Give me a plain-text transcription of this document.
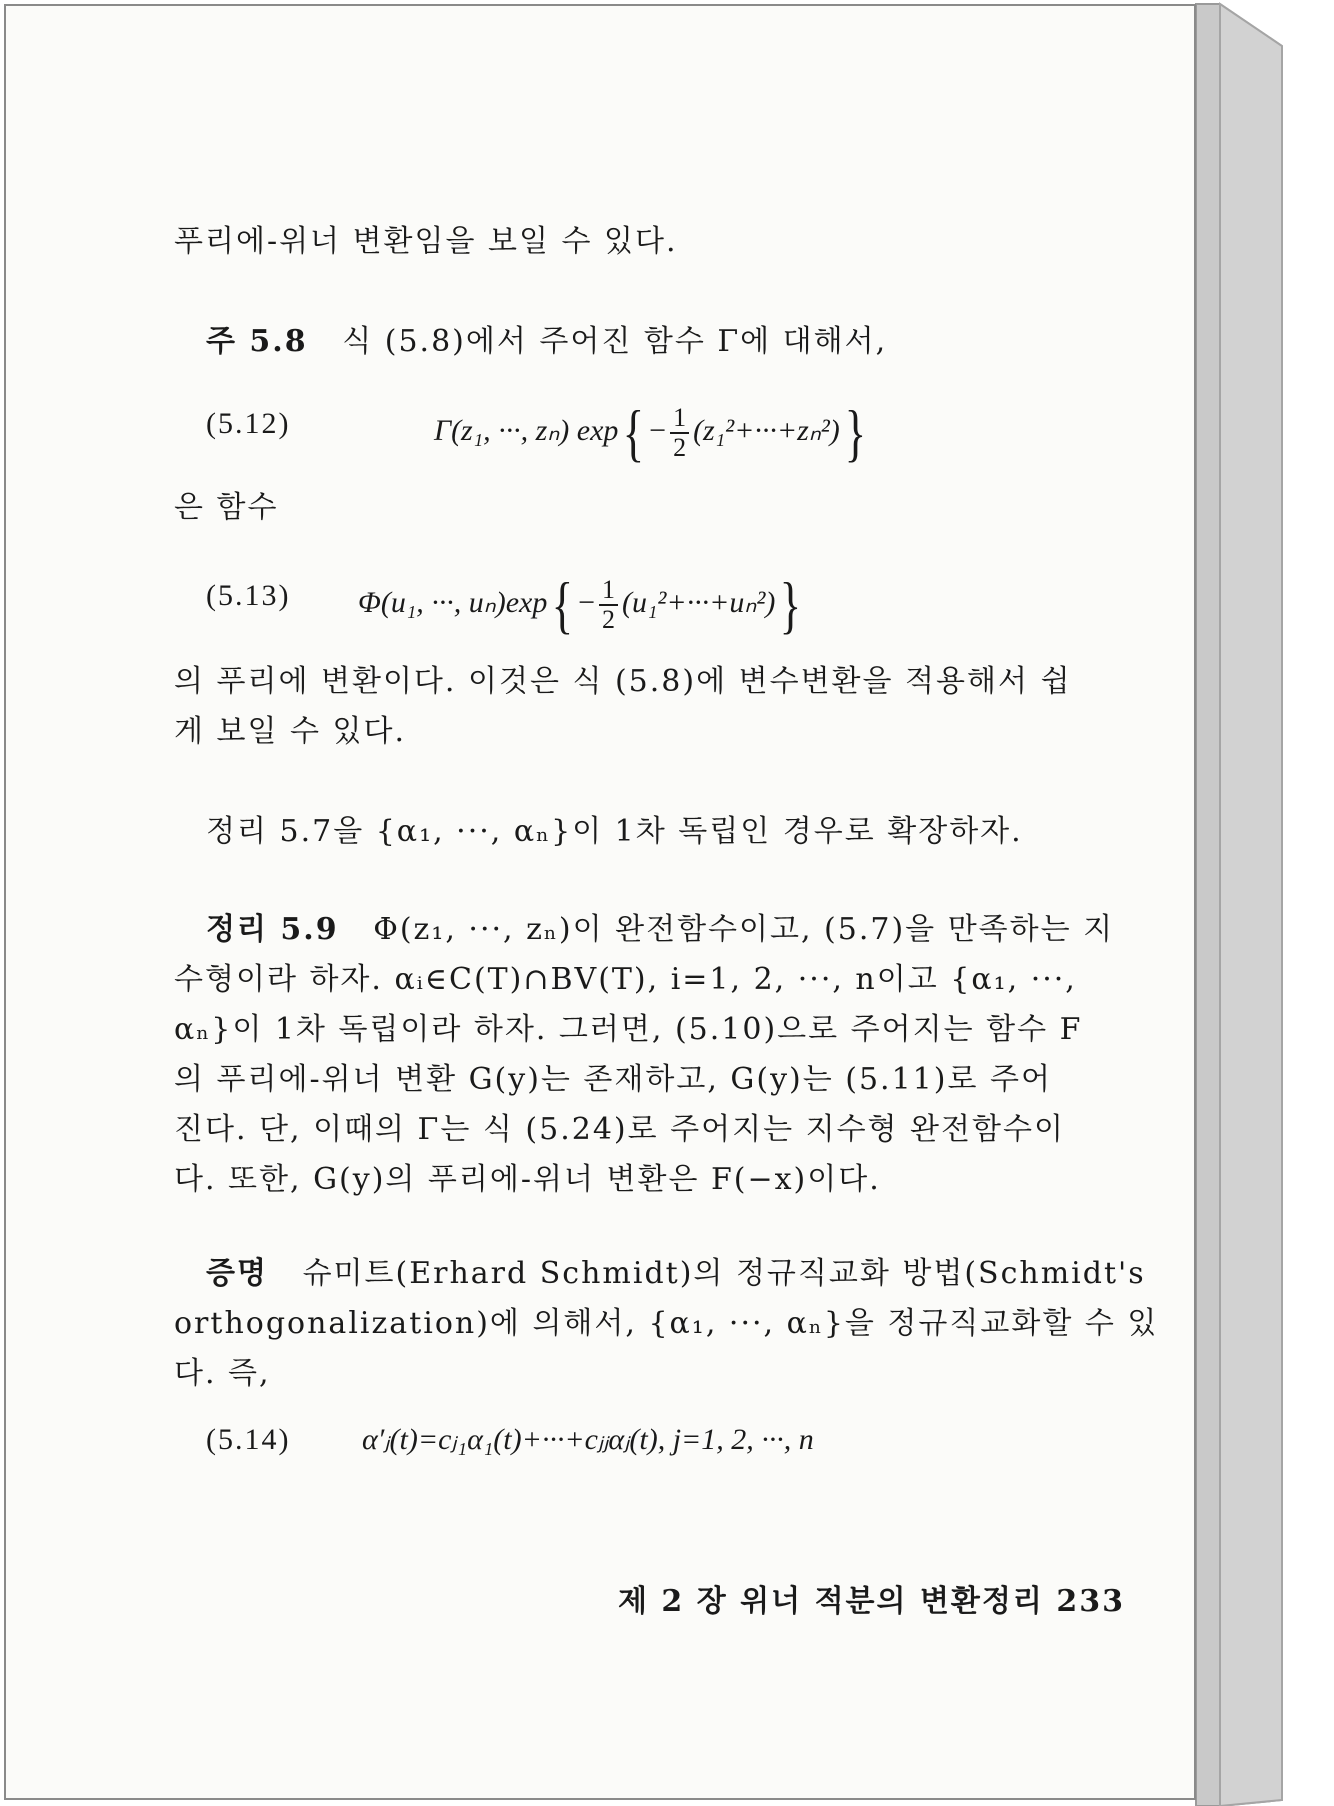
푸리에-위너 변환임을 보일 수 있다.
주 5.8 식 (5.8)에서 주어진 함수 Γ에 대해서,
(5.12)	Γ(z₁, ···, zₙ) $\exp\{ - \frac{1}{2} (z_1^2+\cdot\cdot\cdot+z_n^2)\}$
은 함수
(5.13) Φ(u₁, ···, $u_n)\exp\{ - \frac{1}{2} (u_1^2+\cdot\cdot\cdot+u_n^2)\}$
의 푸리에 변환이다. 이것은 식 (5.8)에 변수변환을 적용해서 쉽
게 보일 수 있다.
정리 5.7을 {α₁, ···, αₙ}이 1차 독립인 경우로 확장하자.
정리 5.9 Φ(z₁, ···, zₙ)이 완전함수이고, (5.7)을 만족하는 지
수형이라 하자. αᵢ∈C(T)∩BV(T), i=1, 2, ···, n이고 {α₁, ···,
αₙ}이 1차 독립이라 하자. 그러면, (5.10)으로 주어지는 함수 F
의 푸리에-위너 변환 G(y)는 존재하고, G(y)는 (5.11)로 주어
진다. 단, 이때의 Γ는 식 (5.24)로 주어지는 지수형 완전함수이
다. 또한, G(y)의 푸리에-위너 변환은 F(−x)이다.
증명 슈미트(Erhard Schmidt)의 정규직교화 방법(Schmidt's
orthogonalization)에 의해서, {α₁, ···, αₙ}을 정규직교화할 수 있
다. 즉,
(5.14) α′ⱼ(t)=cⱼ₁α₁(t)+···+cⱼⱼαⱼ(t), j=1, 2, ···, n
제 2 장 위너 적분의 변환정리 233
